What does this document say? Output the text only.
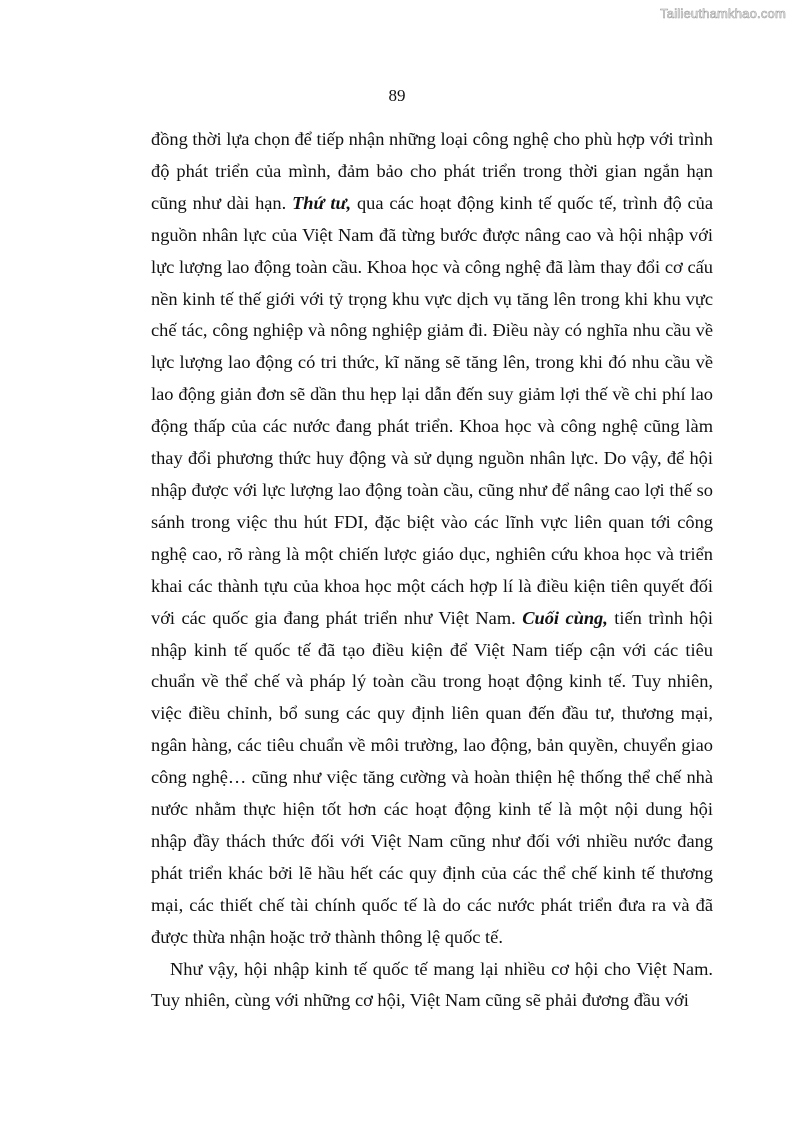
Tailieuthamkhao.com
89

đồng thời lựa chọn để tiếp nhận những loại công nghệ cho phù hợp với trình độ phát triển của mình, đảm bảo cho phát triển trong thời gian ngắn hạn cũng như dài hạn. Thứ tư, qua các hoạt động kinh tế quốc tế, trình độ của nguồn nhân lực của Việt Nam đã từng bước được nâng cao và hội nhập với lực lượng lao động toàn cầu. Khoa học và công nghệ đã làm thay đổi cơ cấu nền kinh tế thế giới với tỷ trọng khu vực dịch vụ tăng lên trong khi khu vực chế tác, công nghiệp và nông nghiệp giảm đi. Điều này có nghĩa nhu cầu về lực lượng lao động có tri thức, kĩ năng sẽ tăng lên, trong khi đó nhu cầu về lao động giản đơn sẽ dần thu hẹp lại dẫn đến suy giảm lợi thế về chi phí lao động thấp của các nước đang phát triển. Khoa học và công nghệ cũng làm thay đổi phương thức huy động và sử dụng nguồn nhân lực. Do vậy, để hội nhập được với lực lượng lao động toàn cầu, cũng như để nâng cao lợi thế so sánh trong việc thu hút FDI, đặc biệt vào các lĩnh vực liên quan tới công nghệ cao, rõ ràng là một chiến lược giáo dục, nghiên cứu khoa học và triển khai các thành tựu của khoa học một cách hợp lí là điều kiện tiên quyết đối với các quốc gia đang phát triển như Việt Nam. Cuối cùng, tiến trình hội nhập kinh tế quốc tế đã tạo điều kiện để Việt Nam tiếp cận với các tiêu chuẩn về thể chế và pháp lý toàn cầu trong hoạt động kinh tế. Tuy nhiên, việc điều chỉnh, bổ sung các quy định liên quan đến đầu tư, thương mại, ngân hàng, các tiêu chuẩn về môi trường, lao động, bản quyền, chuyển giao công nghệ… cũng như việc tăng cường và hoàn thiện hệ thống thể chế nhà nước nhằm thực hiện tốt hơn các hoạt động kinh tế là một nội dung hội nhập đầy thách thức đối với Việt Nam cũng như đối với nhiều nước đang phát triển khác bởi lẽ hầu hết các quy định của các thể chế kinh tế thương mại, các thiết chế tài chính quốc tế là do các nước phát triển đưa ra và đã được thừa nhận hoặc trở thành thông lệ quốc tế.

Như vậy, hội nhập kinh tế quốc tế mang lại nhiều cơ hội cho Việt Nam. Tuy nhiên, cùng với những cơ hội, Việt Nam cũng sẽ phải đương đầu với
